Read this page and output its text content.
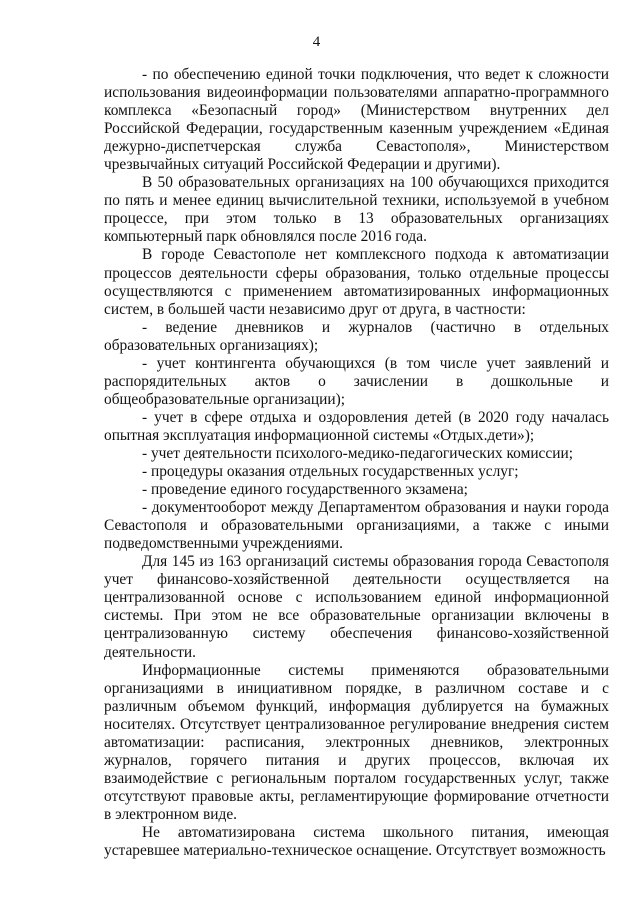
4

- по обеспечению единой точки подключения, что ведет к сложности использования видеоинформации пользователями аппаратно-программного комплекса «Безопасный город» (Министерством внутренних дел Российской Федерации, государственным казенным учреждением «Единая дежурно-диспетчерская служба Севастополя», Министерством чрезвычайных ситуаций Российской Федерации и другими).

В 50 образовательных организациях на 100 обучающихся приходится по пять и менее единиц вычислительной техники, используемой в учебном процессе, при этом только в 13 образовательных организациях компьютерный парк обновлялся после 2016 года.

В городе Севастополе нет комплексного подхода к автоматизации процессов деятельности сферы образования, только отдельные процессы осуществляются с применением автоматизированных информационных систем, в большей части независимо друг от друга, в частности:

- ведение дневников и журналов (частично в отдельных образовательных организациях);

- учет контингента обучающихся (в том числе учет заявлений и распорядительных актов о зачислении в дошкольные и общеобразовательные организации);

- учет в сфере отдыха и оздоровления детей (в 2020 году началась опытная эксплуатация информационной системы «Отдых.дети»);

- учет деятельности психолого-медико-педагогических комиссии;

- процедуры оказания отдельных государственных услуг;

- проведение единого государственного экзамена;

- документооборот между Департаментом образования и науки города Севастополя и образовательными организациями, а также с иными подведомственными учреждениями.

Для 145 из 163 организаций системы образования города Севастополя учет финансово-хозяйственной деятельности осуществляется на централизованной основе с использованием единой информационной системы. При этом не все образовательные организации включены в централизованную систему обеспечения финансово-хозяйственной деятельности.

Информационные системы применяются образовательными организациями в инициативном порядке, в различном составе и с различным объемом функций, информация дублируется на бумажных носителях. Отсутствует централизованное регулирование внедрения систем автоматизации: расписания, электронных дневников, электронных журналов, горячего питания и других процессов, включая их взаимодействие с региональным порталом государственных услуг, также отсутствуют правовые акты, регламентирующие формирование отчетности в электронном виде.

Не автоматизирована система школьного питания, имеющая устаревшее материально-техническое оснащение. Отсутствует возможность
